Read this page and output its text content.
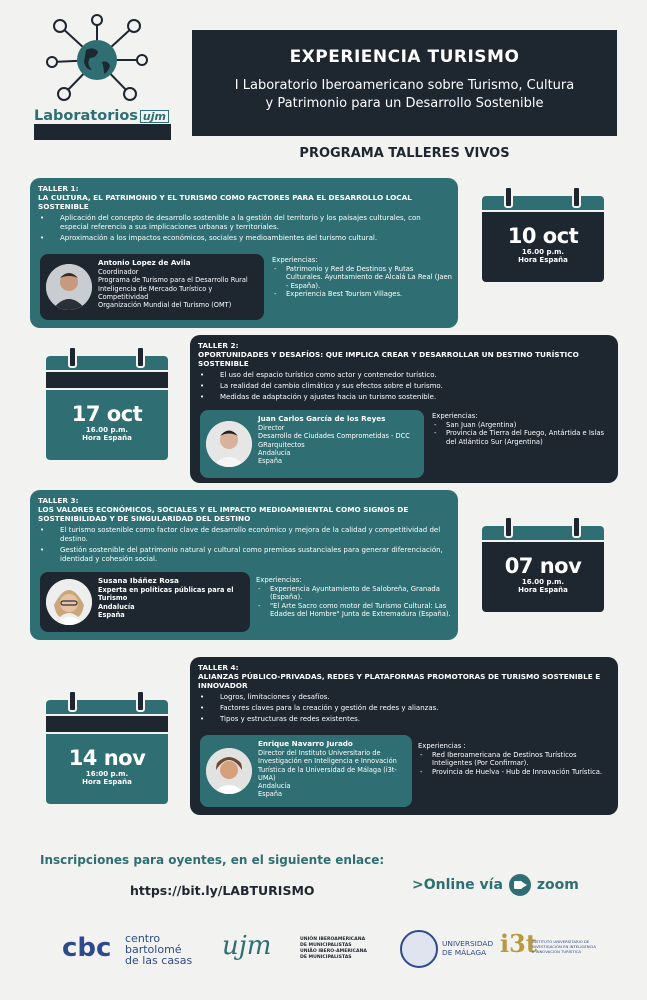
Laboratorios ujm
Iberoamericanos
EXPERIENCIA TURISMO

I Laboratorio Iberoamericano sobre Turismo, Cultura
y Patrimonio para un Desarrollo Sostenible

PROGRAMA TALLERES VIVOS
TALLER 1:
LA CULTURA, EL PATRIMONIO Y EL TURISMO COMO FACTORES PARA EL DESARROLLO LOCAL SOSTENIBLE
• Aplicación del concepto de desarrollo sostenible a la gestión del territorio y los paisajes culturales, con especial referencia a sus implicaciones urbanas y territoriales.
• Aproximación a los impactos económicos, sociales y medioambientes del turismo cultural.
Antonio Lopez de Avila
Coordinador
Programa de Turismo para el Desarrollo Rural
Inteligencia de Mercado Turístico y Competitividad
Organización Mundial del Turismo (OMT)
Experiencias:
- Patrimonio y Red de Destinos y Rutas Culturales. Ayuntamiento de Alcalá La Real (Jaen - España).
- Experiencia Best Tourism Villages.
10 oct
16.00 p.m.
Hora España
TALLER 2:
OPORTUNIDADES Y DESAFÍOS: QUE IMPLICA CREAR Y DESARROLLAR UN DESTINO TURÍSTICO SOSTENIBLE
• El uso del espacio turístico como actor y contenedor turístico.
• La realidad del cambio climático y sus efectos sobre el turismo.
• Medidas de adaptación y ajustes hacia un turismo sostenible.
Juan Carlos García de los Reyes
Director
Desarrollo de Ciudades Comprometidas - DCC
GRarquitectos
Andalucía
España
Experiencias:
- San Juan (Argentina)
- Provincia de Tierra del Fuego, Antártida e Islas del Atlántico Sur (Argentina)
17 oct
16.00 p.m.
Hora España
TALLER 3:
LOS VALORES ECONÓMICOS, SOCIALES Y EL IMPACTO MEDIOAMBIENTAL COMO SIGNOS DE SOSTENIBILIDAD Y DE SINGULARIDAD DEL DESTINO
• El turismo sostenible como factor clave de desarrollo económico y mejora de la calidad y competitividad del destino.
• Gestión sostenible del patrimonio natural y cultural como premisas sustanciales para generar diferenciación, identidad y cohesión social.
Susana Ibáñez Rosa
Experta en políticas públicas para el Turismo
Andalucía
España
Experiencias:
- Experiencia Ayuntamiento de Salobreña, Granada (España).
- "El Arte Sacro como motor del Turismo Cultural: Las Edades del Hombre" Junta de Extremadura (España).
07 nov
16.00 p.m.
Hora España
TALLER 4:
ALIANZAS PÚBLICO-PRIVADAS, REDES Y PLATAFORMAS PROMOTORAS DE TURISMO SOSTENIBLE E INNOVADOR
• Logros, limitaciones y desafíos.
• Factores claves para la creación y gestión de redes y alianzas.
• Tipos y estructuras de redes existentes.
Enrique Navarro Jurado
Director del Instituto Universitario de Investigación en Inteligencia e Innovación Turística de la Universidad de Málaga (i3t-UMA)
Andalucía
España
Experiencias :
- Red Iberoamericana de Destinos Turísticos Inteligentes (Por Confirmar).
- Provincia de Huelva - Hub de Innovación Turística.
14 nov
16:00 p.m.
Hora España
Inscripciones para oyentes, en el siguiente enlace:
https://bit.ly/LABTURISMO	>Online vía zoom
cbc centro
bartolomé
de las casas ujm	UNIÓN IBEROAMERICANA
DE MUNICIPALISTAS
UNIÃO IBERO-AMERICANA
DE MUNICIPALISTAS
UNIVERSIDAD
DE MÁLAGA i3t
INSTITUTO UNIVERSITARIO DE
INVESTIGACIÓN EN INTELIGENCIA
E INNOVACIÓN TURÍSTICA
